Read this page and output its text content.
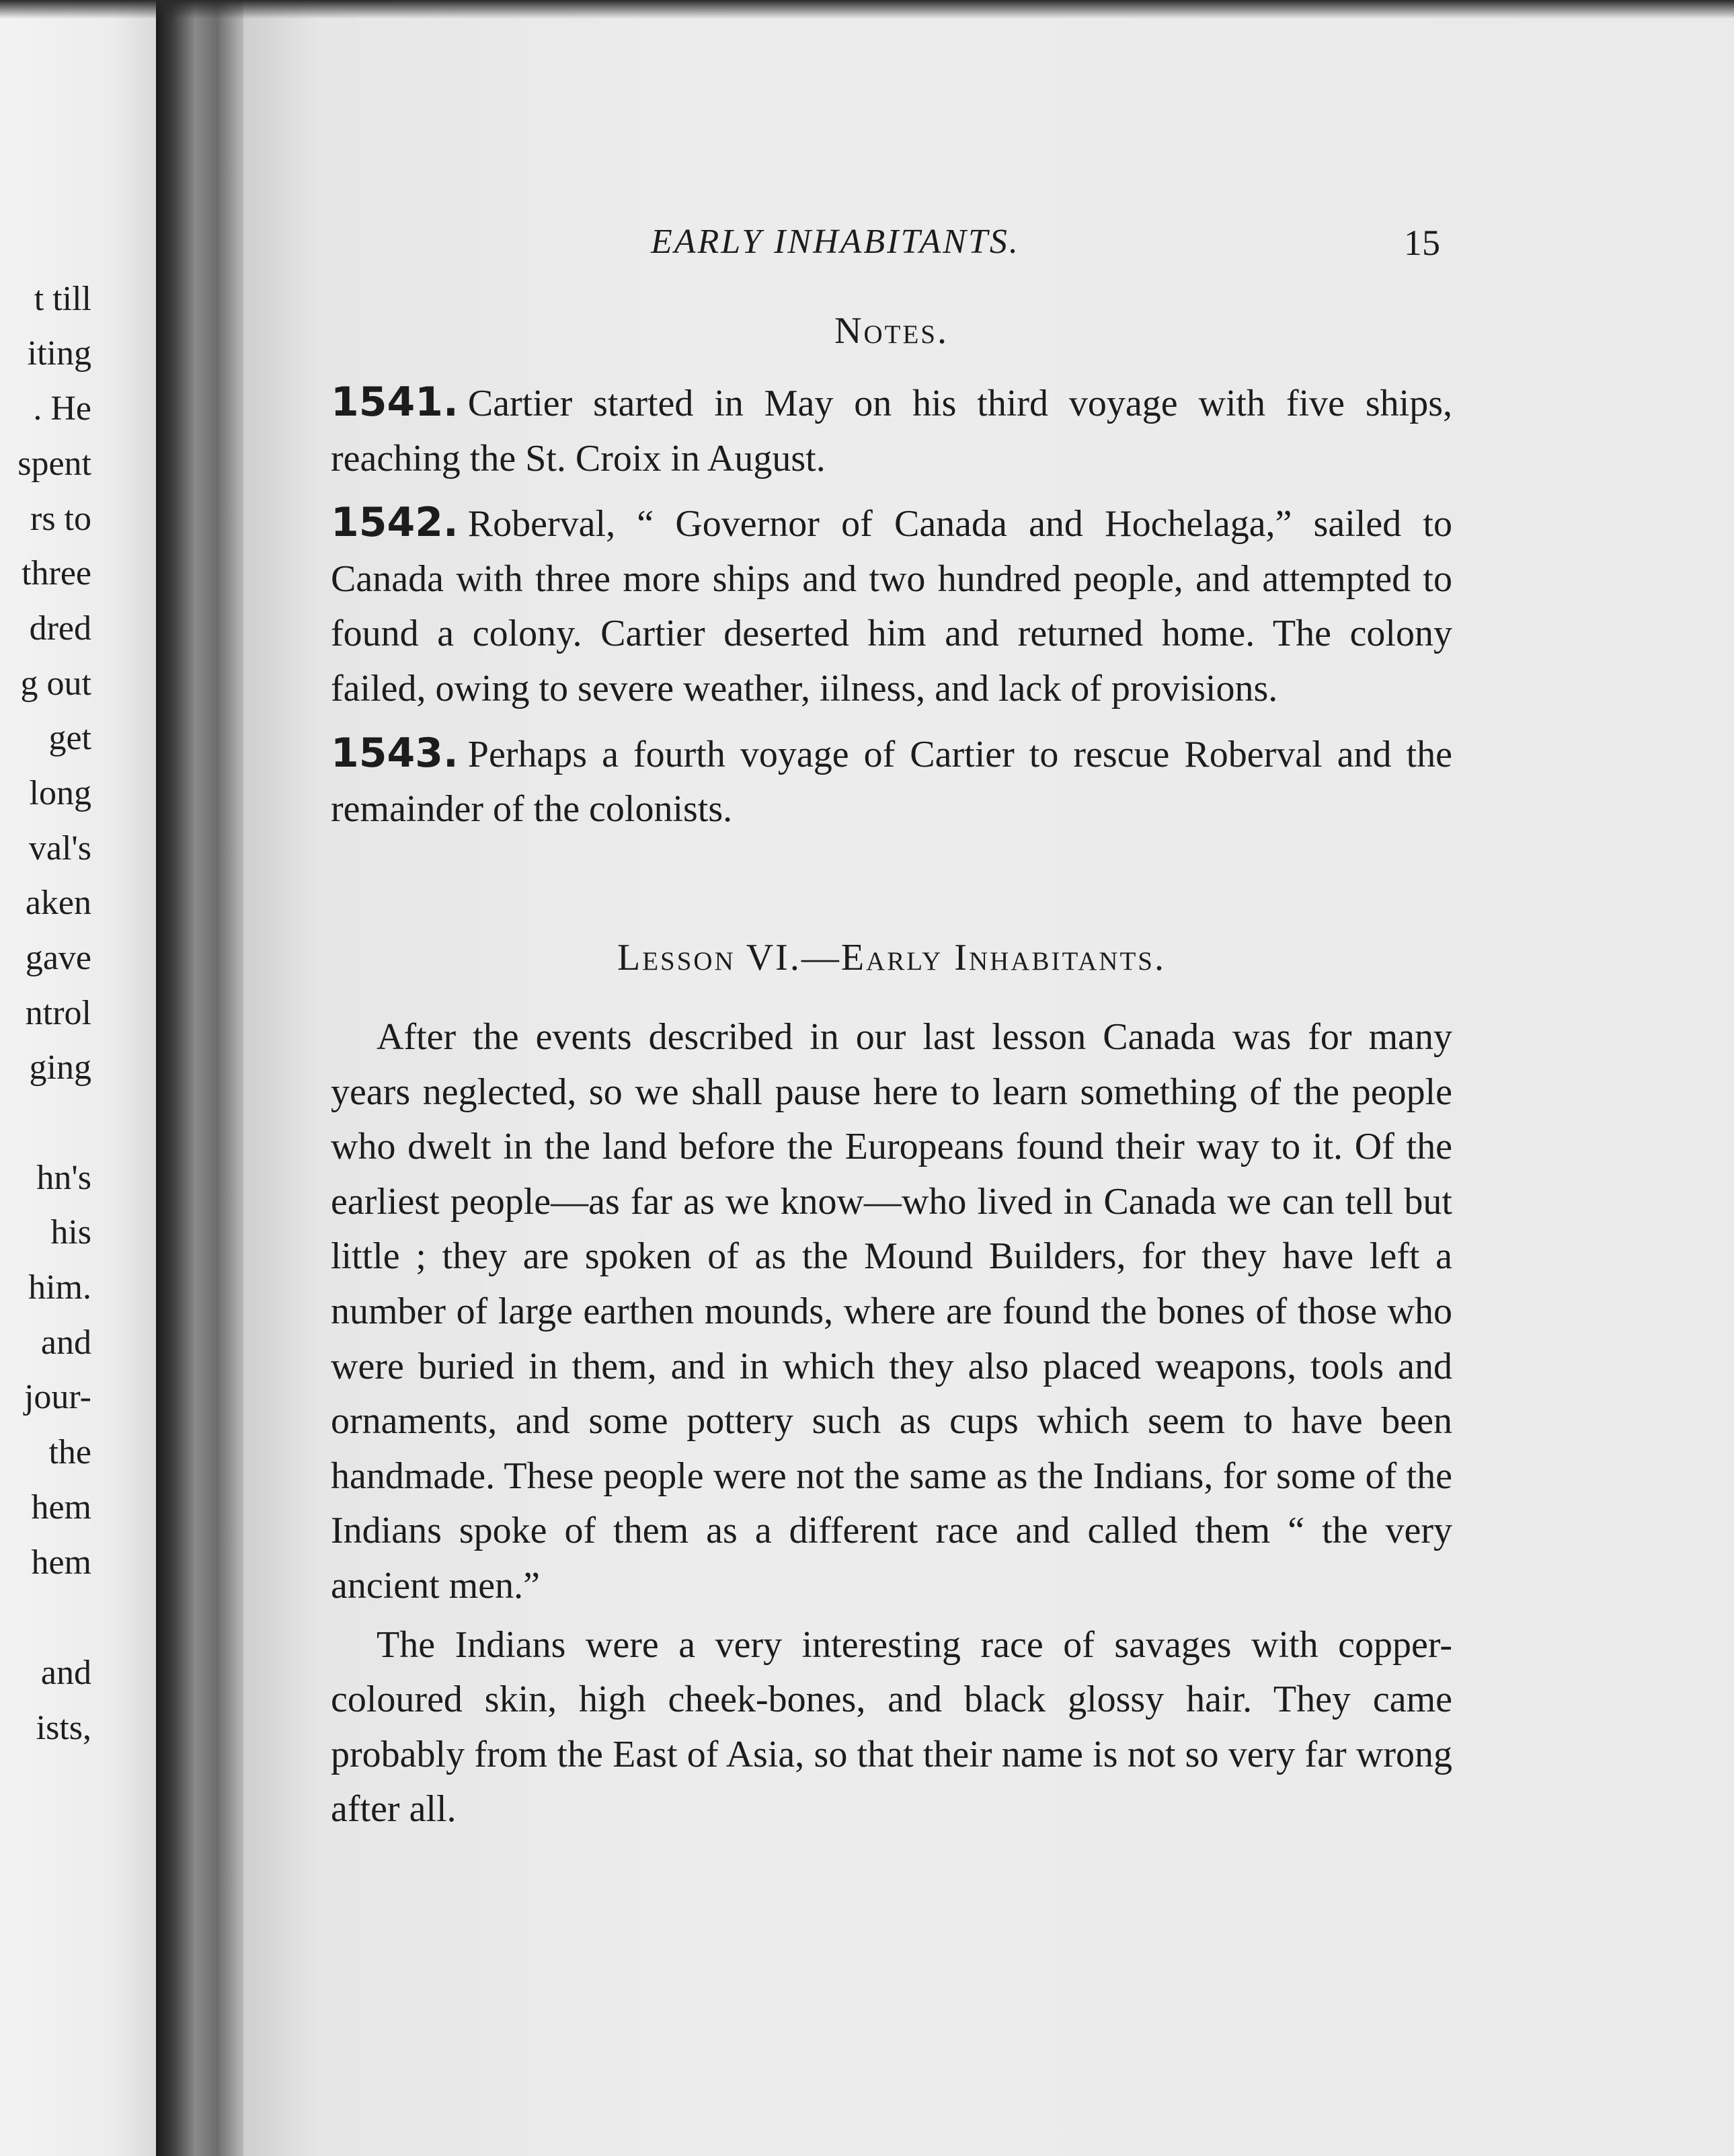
t till
iting
. He
spent
rs to
three
dred
g out
get
long
val's
aken
gave
ntrol
ging
hn's
his
him.
and
jour-
the
hem
hem
and
ists,
EARLY INHABITANTS.	15
Notes.

1541. Cartier started in May on his third voyage with five ships, reaching the St. Croix in August.

1542. Roberval, “ Governor of Canada and Hochelaga,” sailed to Canada with three more ships and two hundred people, and attempted to found a colony. Cartier deserted him and returned home. The colony failed, owing to severe weather, iilness, and lack of provisions.

1543. Perhaps a fourth voyage of Cartier to rescue Roberval and the remainder of the colonists.

Lesson VI.—Early Inhabitants.

After the events described in our last lesson Canada was for many years neglected, so we shall pause here to learn something of the people who dwelt in the land before the Europeans found their way to it. Of the earliest people—as far as we know—who lived in Canada we can tell but little ; they are spoken of as the Mound Builders, for they have left a number of large earthen mounds, where are found the bones of those who were buried in them, and in which they also placed weapons, tools and ornaments, and some pottery such as cups which seem to have been handmade. These people were not the same as the Indians, for some of the Indians spoke of them as a different race and called them “ the very ancient men.”

The Indians were a very interesting race of savages with copper-coloured skin, high cheek-bones, and black glossy hair. They came probably from the East of Asia, so that their name is not so very far wrong after all.
